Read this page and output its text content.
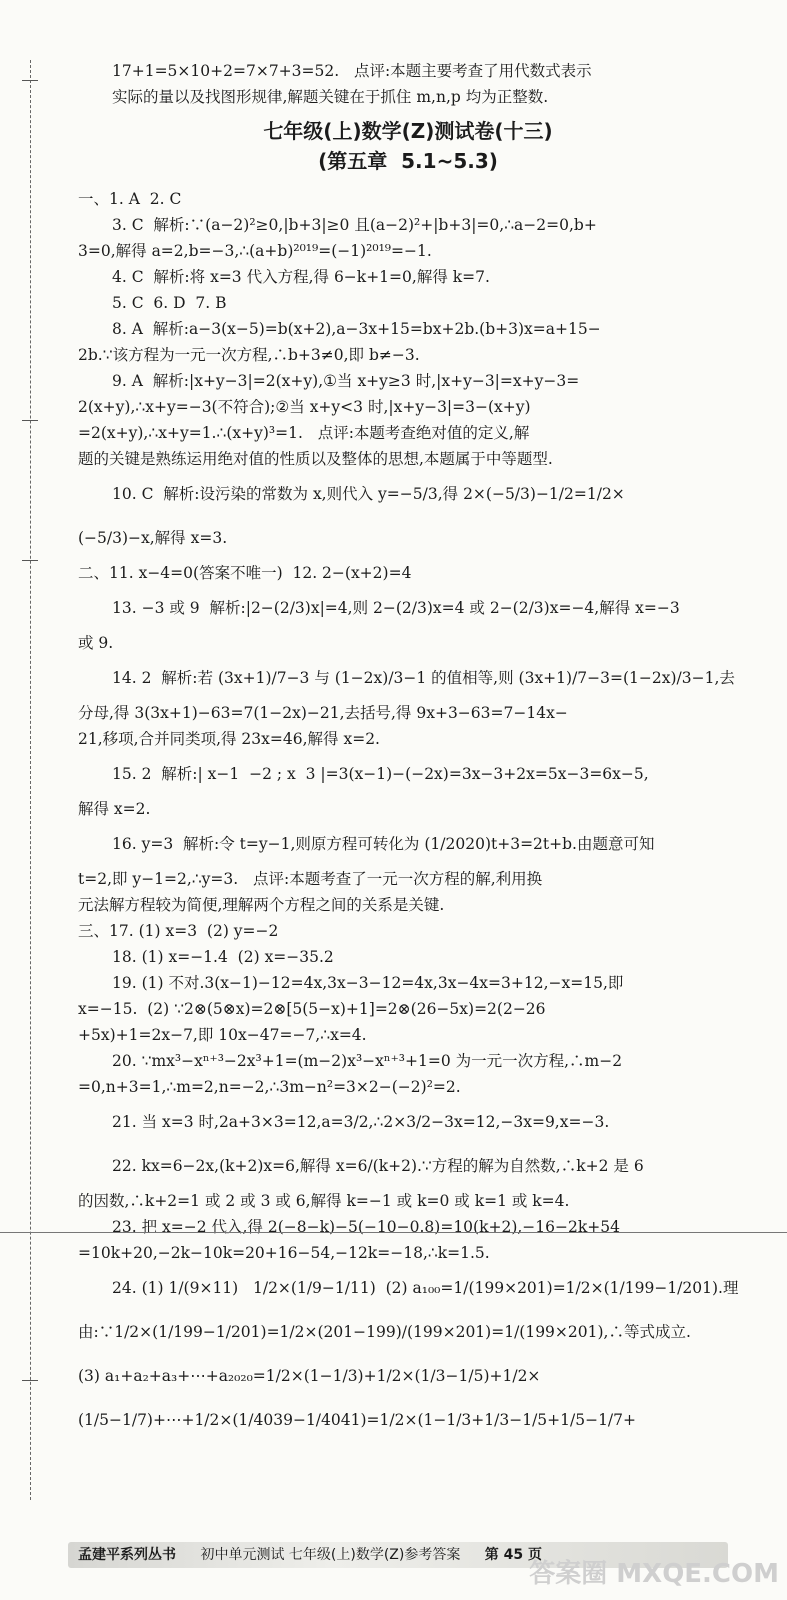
17+1=5×10+2=7×7+3=52.   点评:本题主要考查了用代数式表示
实际的量以及找图形规律,解题关键在于抓住 m,n,p 均为正整数.
七年级(上)数学(Z)测试卷(十三)
(第五章  5.1~5.3)
一、1. A  2. C
3. C  解析:∵(a−2)²≥0,|b+3|≥0 且(a−2)²+|b+3|=0,∴a−2=0,b+
3=0,解得 a=2,b=−3,∴(a+b)²⁰¹⁹=(−1)²⁰¹⁹=−1.
4. C  解析:将 x=3 代入方程,得 6−k+1=0,解得 k=7.
5. C  6. D  7. B
8. A  解析:a−3(x−5)=b(x+2),a−3x+15=bx+2b.(b+3)x=a+15−
2b.∵该方程为一元一次方程,∴b+3≠0,即 b≠−3.
9. A  解析:|x+y−3|=2(x+y),①当 x+y≥3 时,|x+y−3|=x+y−3=
2(x+y),∴x+y=−3(不符合);②当 x+y<3 时,|x+y−3|=3−(x+y)
=2(x+y),∴x+y=1.∴(x+y)³=1.   点评:本题考查绝对值的定义,解
题的关键是熟练运用绝对值的性质以及整体的思想,本题属于中等题型.
10. C  解析:设污染的常数为 x,则代入 y=−5/3,得 2×(−5/3)−1/2=1/2×
(−5/3)−x,解得 x=3.
二、11. x−4=0(答案不唯一)  12. 2−(x+2)=4
13. −3 或 9  解析:|2−(2/3)x|=4,则 2−(2/3)x=4 或 2−(2/3)x=−4,解得 x=−3
或 9.
14. 2  解析:若 (3x+1)/7−3 与 (1−2x)/3−1 的值相等,则 (3x+1)/7−3=(1−2x)/3−1,去
分母,得 3(3x+1)−63=7(1−2x)−21,去括号,得 9x+3−63=7−14x−
21,移项,合并同类项,得 23x=46,解得 x=2.
15. 2  解析:| x−1  −2 ; x  3 |=3(x−1)−(−2x)=3x−3+2x=5x−3=6x−5,
解得 x=2.
16. y=3  解析:令 t=y−1,则原方程可转化为 (1/2020)t+3=2t+b.由题意可知
t=2,即 y−1=2,∴y=3.   点评:本题考查了一元一次方程的解,利用换
元法解方程较为简便,理解两个方程之间的关系是关键.
三、17. (1) x=3  (2) y=−2
18. (1) x=−1.4  (2) x=−35.2
19. (1) 不对.3(x−1)−12=4x,3x−3−12=4x,3x−4x=3+12,−x=15,即
x=−15.  (2) ∵2⊗(5⊗x)=2⊗[5(5−x)+1]=2⊗(26−5x)=2(2−26
+5x)+1=2x−7,即 10x−47=−7,∴x=4.
20. ∵mx³−xⁿ⁺³−2x³+1=(m−2)x³−xⁿ⁺³+1=0 为一元一次方程,∴m−2
=0,n+3=1,∴m=2,n=−2,∴3m−n²=3×2−(−2)²=2.
21. 当 x=3 时,2a+3×3=12,a=3/2,∴2×3/2−3x=12,−3x=9,x=−3.
22. kx=6−2x,(k+2)x=6,解得 x=6/(k+2).∵方程的解为自然数,∴k+2 是 6
的因数,∴k+2=1 或 2 或 3 或 6,解得 k=−1 或 k=0 或 k=1 或 k=4.
23. 把 x=−2 代入,得 2(−8−k)−5(−10−0.8)=10(k+2),−16−2k+54
=10k+20,−2k−10k=20+16−54,−12k=−18,∴k=1.5.
24. (1) 1/(9×11)   1/2×(1/9−1/11)  (2) a₁₀₀=1/(199×201)=1/2×(1/199−1/201).理
由:∵1/2×(1/199−1/201)=1/2×(201−199)/(199×201)=1/(199×201),∴等式成立.
(3) a₁+a₂+a₃+⋯+a₂₀₂₀=1/2×(1−1/3)+1/2×(1/3−1/5)+1/2×
(1/5−1/7)+⋯+1/2×(1/4039−1/4041)=1/2×(1−1/3+1/3−1/5+1/5−1/7+
孟建平系列丛书 初中单元测试 七年级(上)数学(Z)参考答案 第 45 页
答案圈 MXQE.COM
